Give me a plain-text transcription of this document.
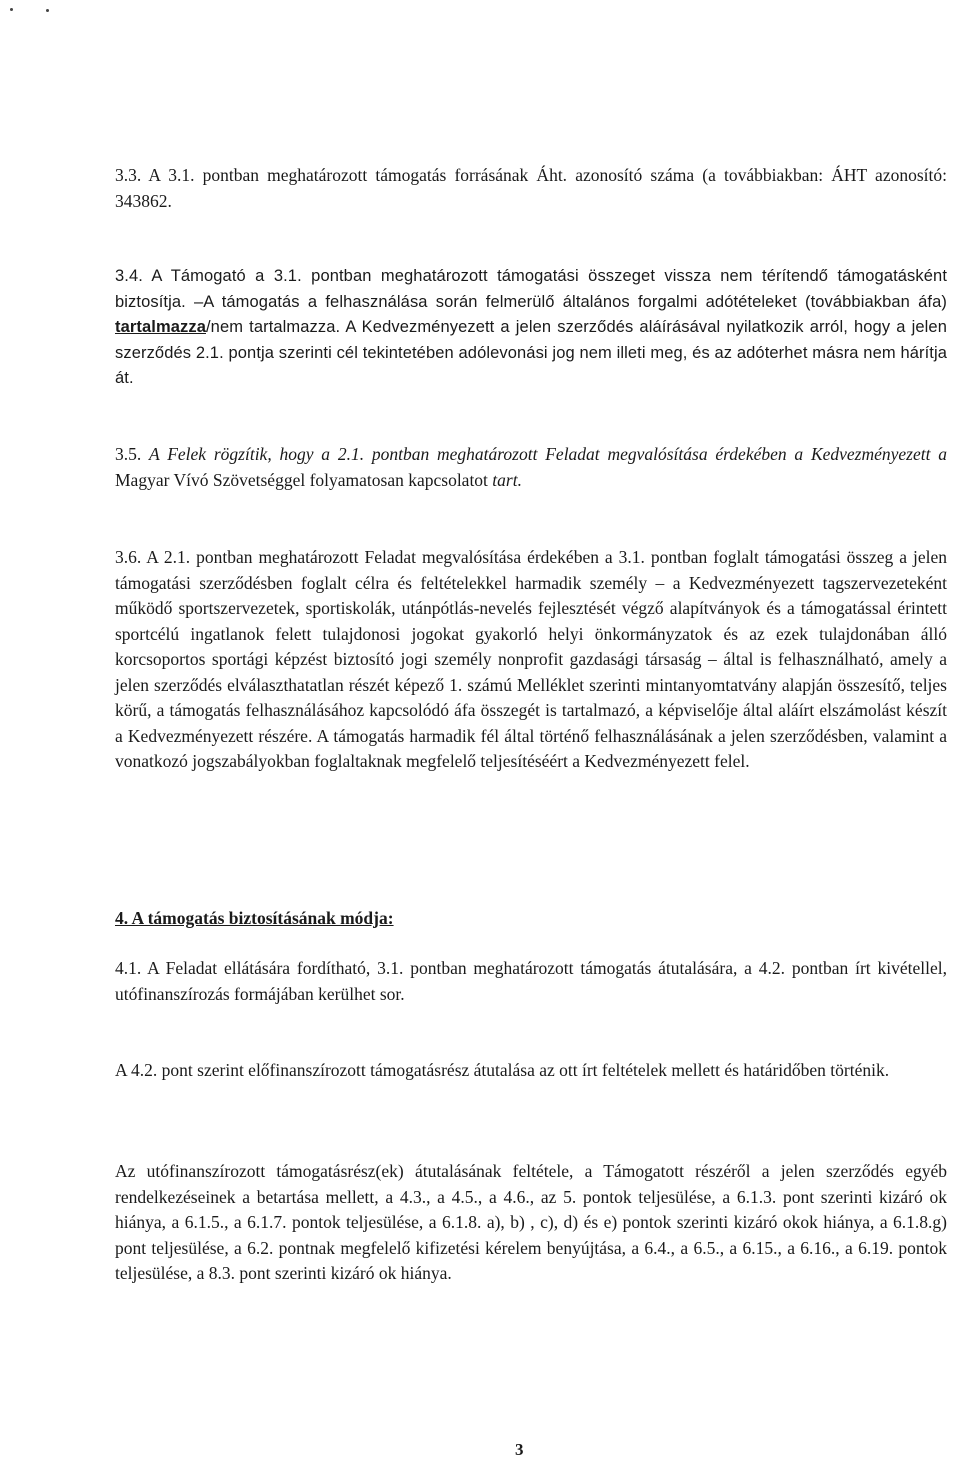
3.3. A 3.1. pontban meghatározott támogatás forrásának Áht. azonosító száma (a továbbiakban: ÁHT azonosító: 343862.

3.4. A Támogató a 3.1. pontban meghatározott támogatási összeget vissza nem térítendő támogatásként biztosítja. –A támogatás a felhasználása során felmerülő általános forgalmi adótételeket (továbbiakban áfa) tartalmazza/nem tartalmazza. A Kedvezményezett a jelen szerződés aláírásával nyilatkozik arról, hogy a jelen szerződés 2.1. pontja szerinti cél tekintetében adólevonási jog nem illeti meg, és az adóterhet másra nem hárítja át.

3.5. A Felek rögzítik, hogy a 2.1. pontban meghatározott Feladat megvalósítása érdekében a Kedvezményezett a Magyar Vívó Szövetséggel folyamatosan kapcsolatot tart.

3.6. A 2.1. pontban meghatározott Feladat megvalósítása érdekében a 3.1. pontban foglalt támogatási összeg a jelen támogatási szerződésben foglalt célra és feltételekkel harmadik személy – a Kedvezményezett tagszervezeteként működő sportszervezetek, sportiskolák, utánpótlás-nevelés fejlesztését végző alapítványok és a támogatással érintett sportcélú ingatlanok felett tulajdonosi jogokat gyakorló helyi önkormányzatok és az ezek tulajdonában álló korcsoportos sportági képzést biztosító jogi személy nonprofit gazdasági társaság – által is felhasználható, amely a jelen szerződés elválaszthatatlan részét képező 1. számú Melléklet szerinti mintanyomtatvány alapján összesítő, teljes körű, a támogatás felhasználásához kapcsolódó áfa összegét is tartalmazó, a képviselője által aláírt elszámolást készít a Kedvezményezett részére. A támogatás harmadik fél által történő felhasználásának a jelen szerződésben, valamint a vonatkozó jogszabályokban foglaltaknak megfelelő teljesítéséért a Kedvezményezett felel.

4. A támogatás biztosításának módja:

4.1. A Feladat ellátására fordítható, 3.1. pontban meghatározott támogatás átutalására, a 4.2. pontban írt kivétellel, utófinanszírozás formájában kerülhet sor.

A 4.2. pont szerint előfinanszírozott támogatásrész átutalása az ott írt feltételek mellett és határidőben történik.

Az utófinanszírozott támogatásrész(ek) átutalásának feltétele, a Támogatott részéről a jelen szerződés egyéb rendelkezéseinek a betartása mellett, a 4.3., a 4.5., a 4.6., az 5. pontok teljesülése, a 6.1.3. pont szerinti kizáró ok hiánya, a 6.1.5., a 6.1.7. pontok teljesülése, a 6.1.8. a), b) , c), d) és e) pontok szerinti kizáró okok hiánya, a 6.1.8.g) pont teljesülése, a 6.2. pontnak megfelelő kifizetési kérelem benyújtása, a 6.4., a 6.5., a 6.15., a 6.16., a 6.19. pontok teljesülése, a 8.3. pont szerinti kizáró ok hiánya.

3
